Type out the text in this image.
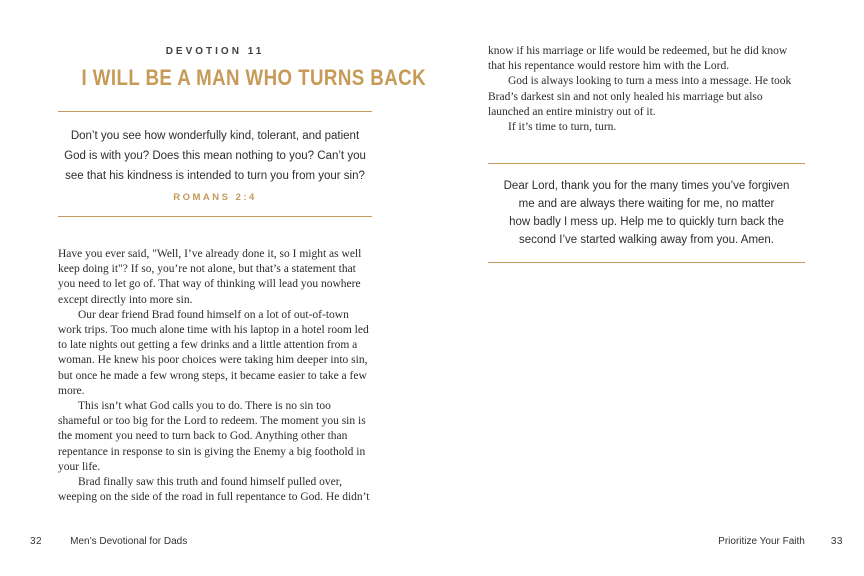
DEVOTION 11
I WILL BE A MAN WHO TURNS BACK
Don’t you see how wonderfully kind, tolerant, and patient
God is with you? Does this mean nothing to you? Can’t you
see that his kindness is intended to turn you from your sin?
ROMANS 2:4

Have you ever said, "Well, I’ve already done it, so I might as well keep doing it"? If so, you’re not alone, but that’s a statement that you need to let go of. That way of thinking will lead you nowhere except directly into more sin.

Our dear friend Brad found himself on a lot of out-of-town work trips. Too much alone time with his laptop in a hotel room led to late nights out getting a few drinks and a little attention from a woman. He knew his poor choices were taking him deeper into sin, but once he made a few wrong steps, it became easier to take a few more.

This isn’t what God calls you to do. There is no sin too shameful or too big for the Lord to redeem. The moment you sin is the moment you need to turn back to God. Anything other than repentance in response to sin is giving the Enemy a big foothold in your life.

Brad finally saw this truth and found himself pulled over, weeping on the side of the road in full repentance to God. He didn’t

know if his marriage or life would be redeemed, but he did know that his repentance would restore him with the Lord.

God is always looking to turn a mess into a message. He took Brad’s darkest sin and not only healed his marriage but also launched an entire ministry out of it.

If it’s time to turn, turn.

Dear Lord, thank you for the many times you’ve forgiven
me and are always there waiting for me, no matter
how badly I mess up. Help me to quickly turn back the
second I’ve started walking away from you. Amen.
32	Men’s Devotional for Dads	Prioritize Your Faith	33
